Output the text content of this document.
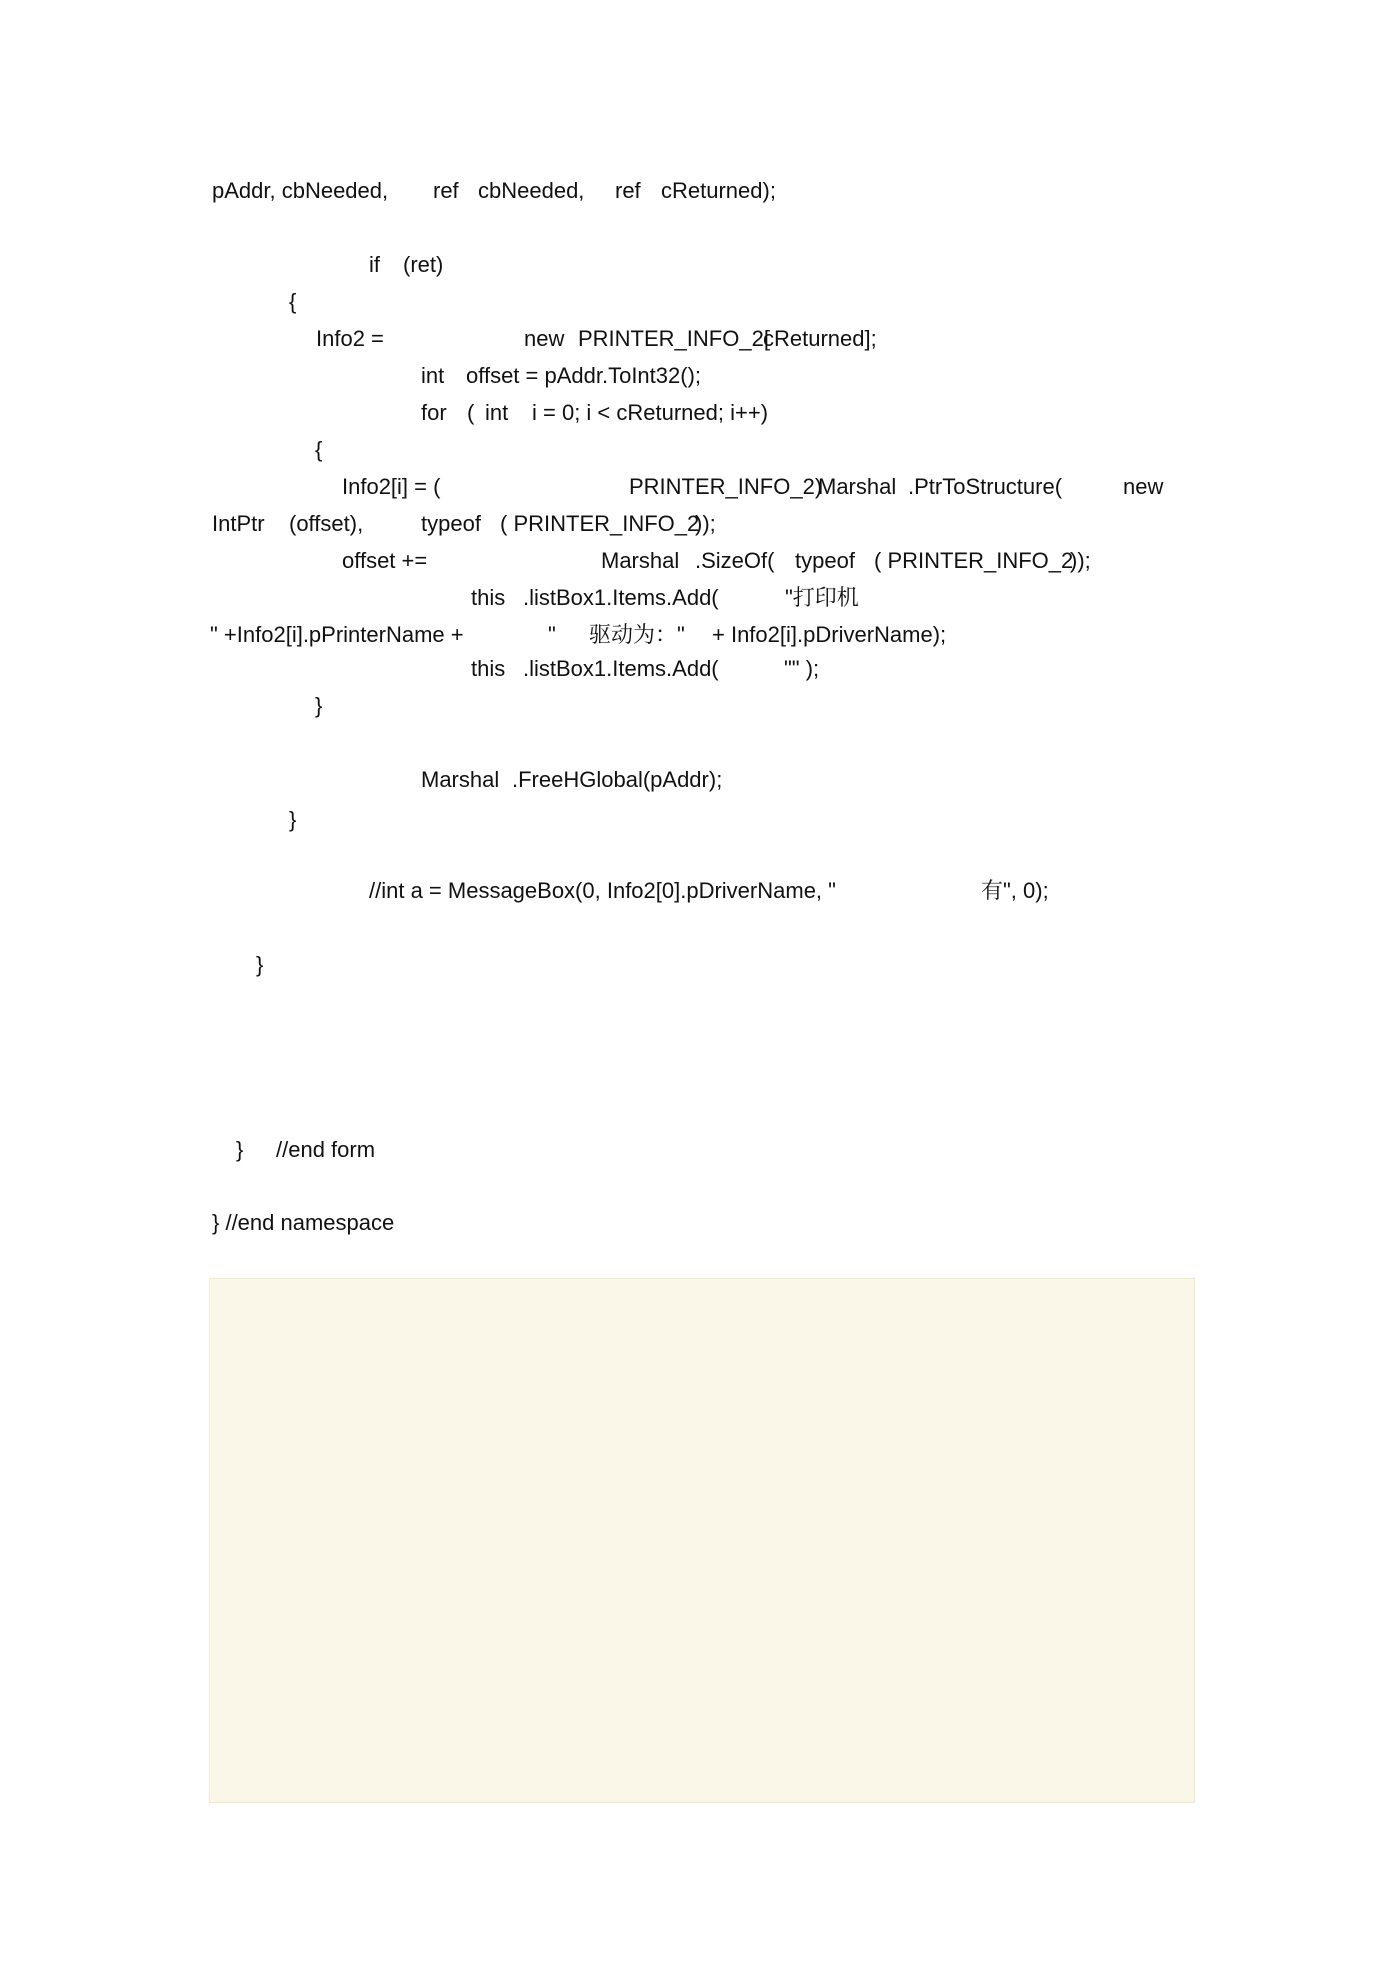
pAddr, cbNeeded,

ref

cbNeeded,

ref

cReturned);

if

(ret)

{

Info2 =

	new

PRINTER_INFO_2[

cReturned];

int

offset = pAddr.ToInt32();

for

(

int

i = 0; i < cReturned; i++)

{

Info2[i] = (

	PRINTER_INFO_2)

Marshal

.PtrToStructure(

	new

IntPtr

(offset),

	typeof

( PRINTER_INFO_2

));

offset +=

	Marshal

.SizeOf(

typeof

( PRINTER_INFO_2

));

this

.listBox1.Items.Add(

	"打印机

" +Info2[i].pPrinterName +

	"

驱动为："

+ Info2[i].pDriverName);

this

.listBox1.Items.Add(

	"" );

}

Marshal

.FreeHGlobal(pAddr);

}

//int a = MessageBox(0, Info2[0].pDriverName, "

	有", 0);

}

}

//end form

} //end namespace
